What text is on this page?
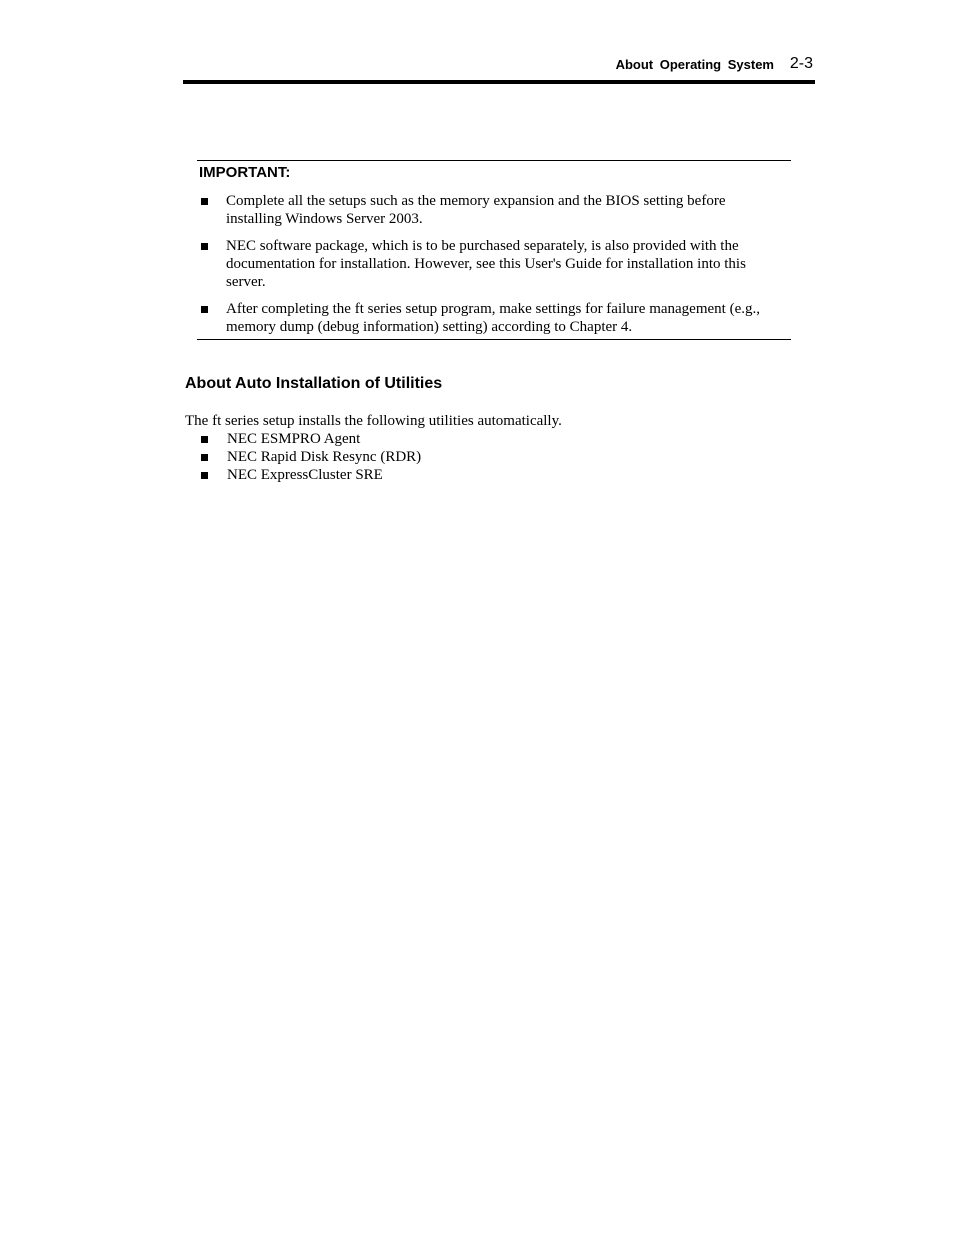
About Operating System 2-3
IMPORTANT:
Complete all the setups such as the memory expansion and the BIOS setting before
installing Windows Server 2003.
NEC software package, which is to be purchased separately, is also provided with the
documentation for installation. However, see this User's Guide for installation into this
server.
After completing the ft series setup program, make settings for failure management (e.g.,
memory dump (debug information) setting) according to Chapter 4.
About Auto Installation of Utilities

The ft series setup installs the following utilities automatically.

NEC ESMPRO Agent
NEC Rapid Disk Resync (RDR)
NEC ExpressCluster SRE
